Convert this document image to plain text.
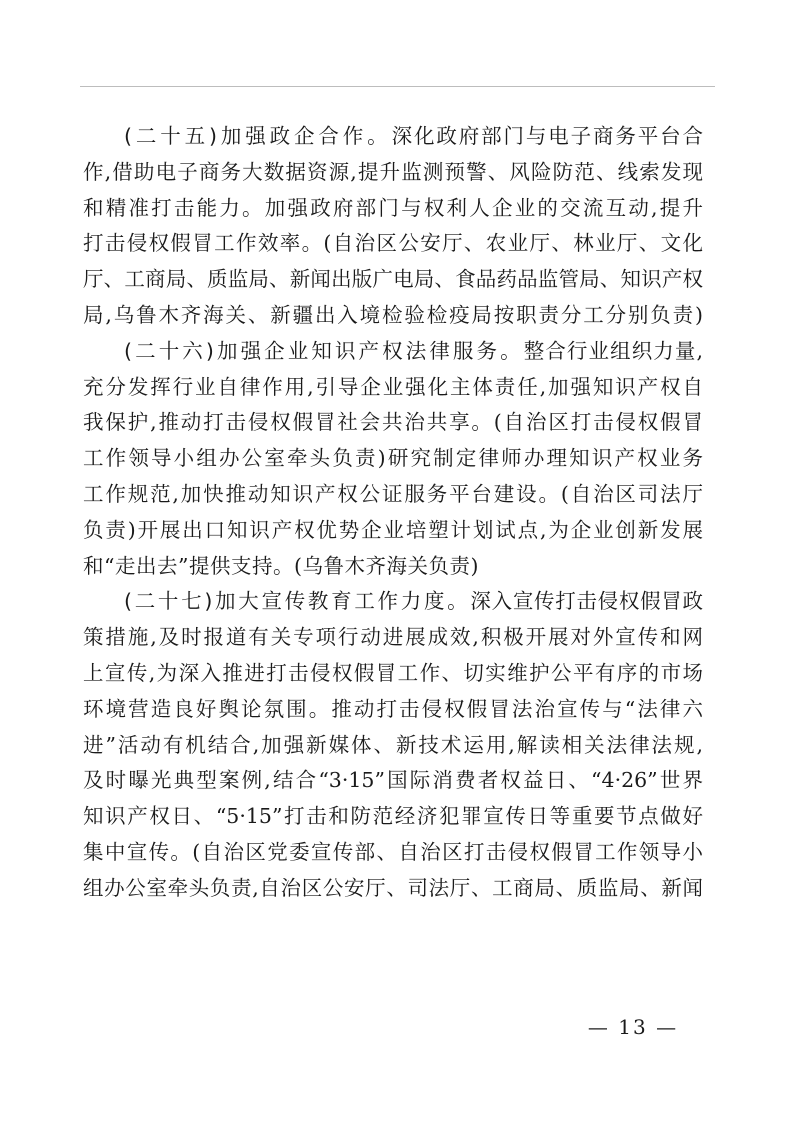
(二十五)加强政企合作。深化政府部门与电子商务平台合
作,借助电子商务大数据资源,提升监测预警、风险防范、线索发现
和精准打击能力。加强政府部门与权利人企业的交流互动,提升
打击侵权假冒工作效率。(自治区公安厅、农业厅、林业厅、文化
厅、工商局、质监局、新闻出版广电局、食品药品监管局、知识产权
局,乌鲁木齐海关、新疆出入境检验检疫局按职责分工分别负责)
(二十六)加强企业知识产权法律服务。整合行业组织力量,
充分发挥行业自律作用,引导企业强化主体责任,加强知识产权自
我保护,推动打击侵权假冒社会共治共享。(自治区打击侵权假冒
工作领导小组办公室牵头负责)研究制定律师办理知识产权业务
工作规范,加快推动知识产权公证服务平台建设。(自治区司法厅
负责)开展出口知识产权优势企业培塑计划试点,为企业创新发展
和“走出去”提供支持。(乌鲁木齐海关负责)
(二十七)加大宣传教育工作力度。深入宣传打击侵权假冒政
策措施,及时报道有关专项行动进展成效,积极开展对外宣传和网
上宣传,为深入推进打击侵权假冒工作、切实维护公平有序的市场
环境营造良好舆论氛围。推动打击侵权假冒法治宣传与“法律六
进”活动有机结合,加强新媒体、新技术运用,解读相关法律法规,
及时曝光典型案例,结合“3·15”国际消费者权益日、“4·26”世界
知识产权日、“5·15”打击和防范经济犯罪宣传日等重要节点做好
集中宣传。(自治区党委宣传部、自治区打击侵权假冒工作领导小
组办公室牵头负责,自治区公安厅、司法厅、工商局、质监局、新闻
— 13 —
